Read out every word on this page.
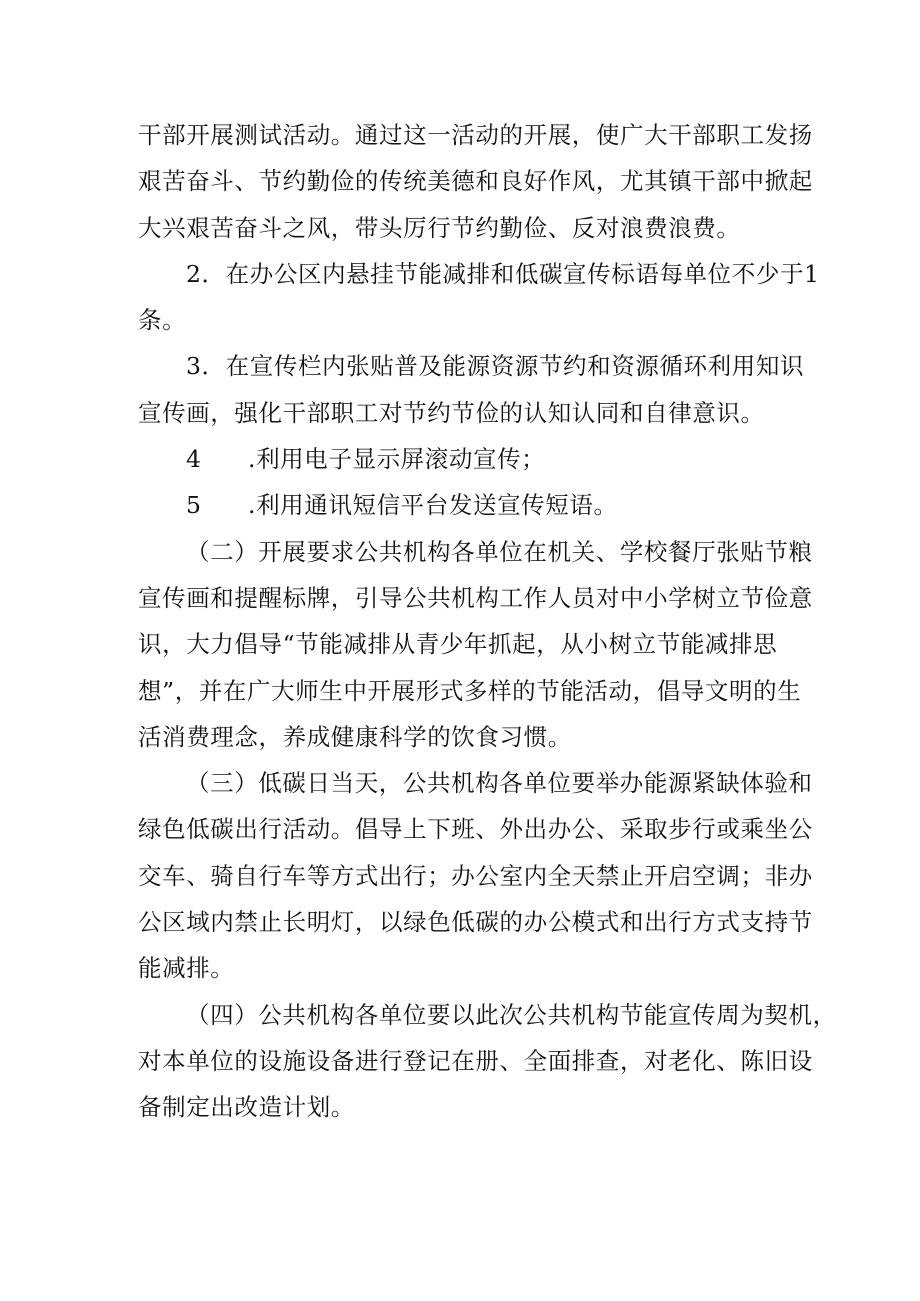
干部开展测试活动。通过这一活动的开展，使广大干部职工发扬
艰苦奋斗、节约勤俭的传统美德和良好作风，尤其镇干部中掀起
大兴艰苦奋斗之风，带头厉行节约勤俭、反对浪费浪费。
2．在办公区内悬挂节能减排和低碳宣传标语每单位不少于1
条。
3．在宣传栏内张贴普及能源资源节约和资源循环利用知识
宣传画，强化干部职工对节约节俭的认知认同和自律意识。
4 .利用电子显示屏滚动宣传；
5 .利用通讯短信平台发送宣传短语。
（二）开展要求公共机构各单位在机关、学校餐厅张贴节粮
宣传画和提醒标牌，引导公共机构工作人员对中小学树立节俭意
识，大力倡导“节能减排从青少年抓起，从小树立节能减排思
想”，并在广大师生中开展形式多样的节能活动，倡导文明的生
活消费理念，养成健康科学的饮食习惯。
（三）低碳日当天，公共机构各单位要举办能源紧缺体验和
绿色低碳出行活动。倡导上下班、外出办公、采取步行或乘坐公
交车、骑自行车等方式出行；办公室内全天禁止开启空调；非办
公区域内禁止长明灯，以绿色低碳的办公模式和出行方式支持节
能减排。
（四）公共机构各单位要以此次公共机构节能宣传周为契机，
对本单位的设施设备进行登记在册、全面排查，对老化、陈旧设
备制定出改造计划。
